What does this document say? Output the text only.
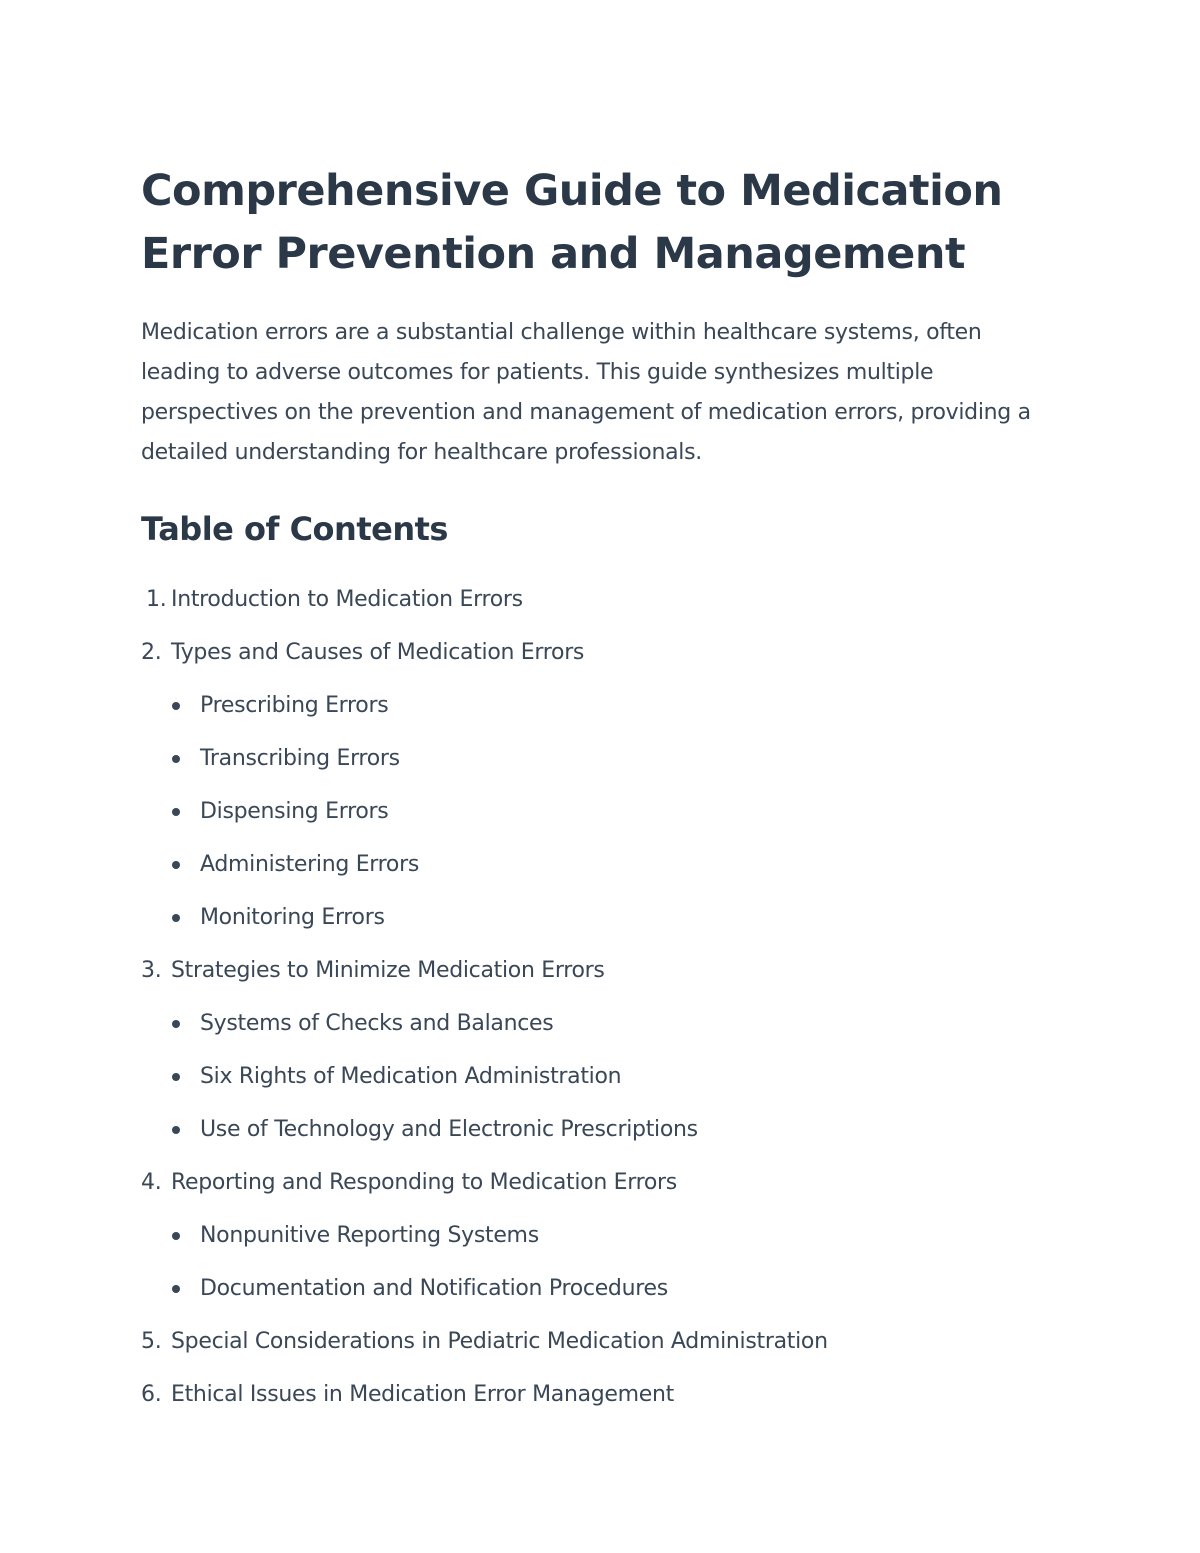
Comprehensive Guide to Medication Error Prevention and Management

Medication errors are a substantial challenge within healthcare systems, often leading to adverse outcomes for patients. This guide synthesizes multiple perspectives on the prevention and management of medication errors, providing a detailed understanding for healthcare professionals.

Table of Contents
1. Introduction to Medication Errors
2. Types and Causes of Medication Errors
Prescribing Errors
Transcribing Errors
Dispensing Errors
Administering Errors
Monitoring Errors
3. Strategies to Minimize Medication Errors
Systems of Checks and Balances
Six Rights of Medication Administration
Use of Technology and Electronic Prescriptions
4. Reporting and Responding to Medication Errors
Nonpunitive Reporting Systems
Documentation and Notification Procedures
5. Special Considerations in Pediatric Medication Administration
6. Ethical Issues in Medication Error Management
